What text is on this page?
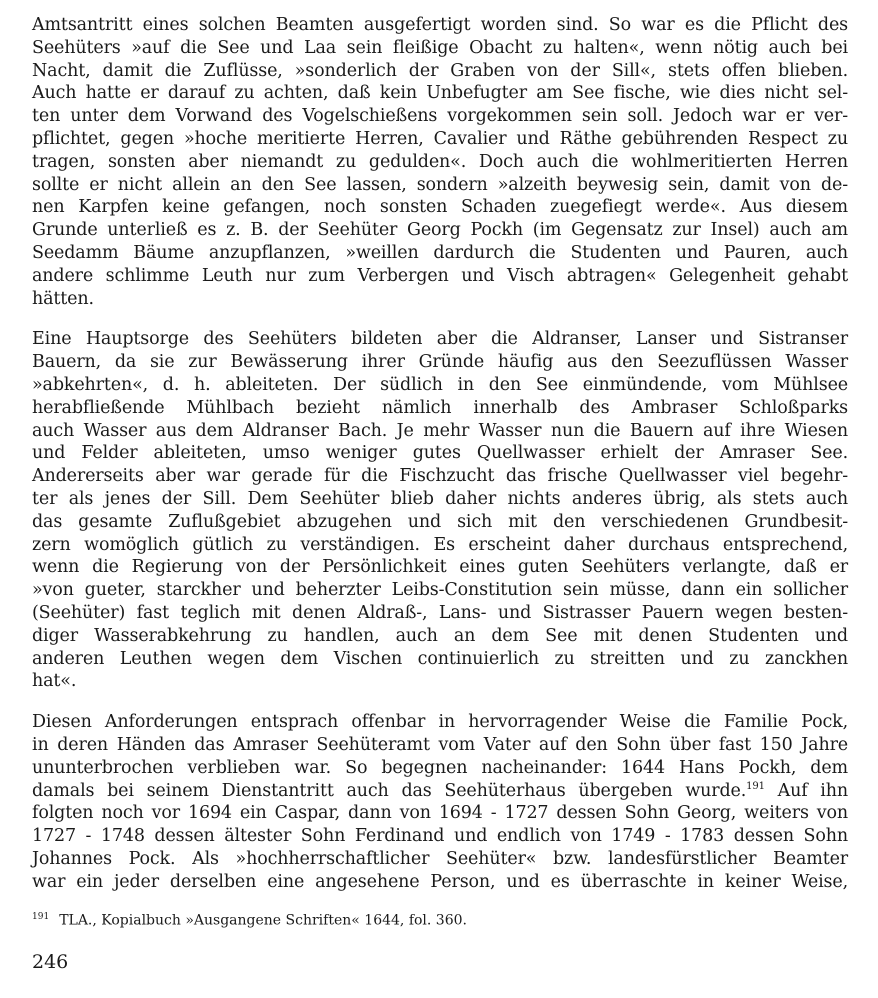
Amtsantritt eines solchen Beamten ausgefertigt worden sind. So war es die Pflicht des
Seehüters »auf die See und Laa sein fleißige Obacht zu halten«, wenn nötig auch bei
Nacht, damit die Zuflüsse, »sonderlich der Graben von der Sill«, stets offen blieben.
Auch hatte er darauf zu achten, daß kein Unbefugter am See fische, wie dies nicht sel-
ten unter dem Vorwand des Vogelschießens vorgekommen sein soll. Jedoch war er ver-
pflichtet, gegen »hoche meritierte Herren, Cavalier und Räthe gebührenden Respect zu
tragen, sonsten aber niemandt zu gedulden«. Doch auch die wohlmeritierten Herren
sollte er nicht allein an den See lassen, sondern »alzeith beywesig sein, damit von de-
nen Karpfen keine gefangen, noch sonsten Schaden zuegefiegt werde«. Aus diesem
Grunde unterließ es z. B. der Seehüter Georg Pockh (im Gegensatz zur Insel) auch am
Seedamm Bäume anzupflanzen, »weillen dardurch die Studenten und Pauren, auch
andere schlimme Leuth nur zum Verbergen und Visch abtragen« Gelegenheit gehabt
hätten.
Eine Hauptsorge des Seehüters bildeten aber die Aldranser, Lanser und Sistranser
Bauern, da sie zur Bewässerung ihrer Gründe häufig aus den Seezuflüssen Wasser
»abkehrten«, d. h. ableiteten. Der südlich in den See einmündende, vom Mühlsee
herabfließende Mühlbach bezieht nämlich innerhalb des Ambraser Schloßparks
auch Wasser aus dem Aldranser Bach. Je mehr Wasser nun die Bauern auf ihre Wiesen
und Felder ableiteten, umso weniger gutes Quellwasser erhielt der Amraser See.
Andererseits aber war gerade für die Fischzucht das frische Quellwasser viel begehr-
ter als jenes der Sill. Dem Seehüter blieb daher nichts anderes übrig, als stets auch
das gesamte Zuflußgebiet abzugehen und sich mit den verschiedenen Grundbesit-
zern womöglich gütlich zu verständigen. Es erscheint daher durchaus entsprechend,
wenn die Regierung von der Persönlichkeit eines guten Seehüters verlangte, daß er
»von gueter, starckher und beherzter Leibs-Constitution sein müsse, dann ein sollicher
(Seehüter) fast teglich mit denen Aldraß-, Lans- und Sistrasser Pauern wegen besten-
diger Wasserabkehrung zu handlen, auch an dem See mit denen Studenten und
anderen Leuthen wegen dem Vischen continuierlich zu streitten und zu zanckhen
hat«.
Diesen Anforderungen entsprach offenbar in hervorragender Weise die Familie Pock,
in deren Händen das Amraser Seehüteramt vom Vater auf den Sohn über fast 150 Jahre
ununterbrochen verblieben war. So begegnen nacheinander: 1644 Hans Pockh, dem
damals bei seinem Dienstantritt auch das Seehüterhaus übergeben wurde.$^{191}$ Auf ihn
folgten noch vor 1694 ein Caspar, dann von 1694 - 1727 dessen Sohn Georg, weiters von
1727 - 1748 dessen ältester Sohn Ferdinand und endlich von 1749 - 1783 dessen Sohn
Johannes Pock. Als »hochherrschaftlicher Seehüter« bzw. landesfürstlicher Beamter
war ein jeder derselben eine angesehene Person, und es überraschte in keiner Weise,
$^{191}$ TLA., Kopialbuch »Ausgangene Schriften« 1644, fol. 360.
246
